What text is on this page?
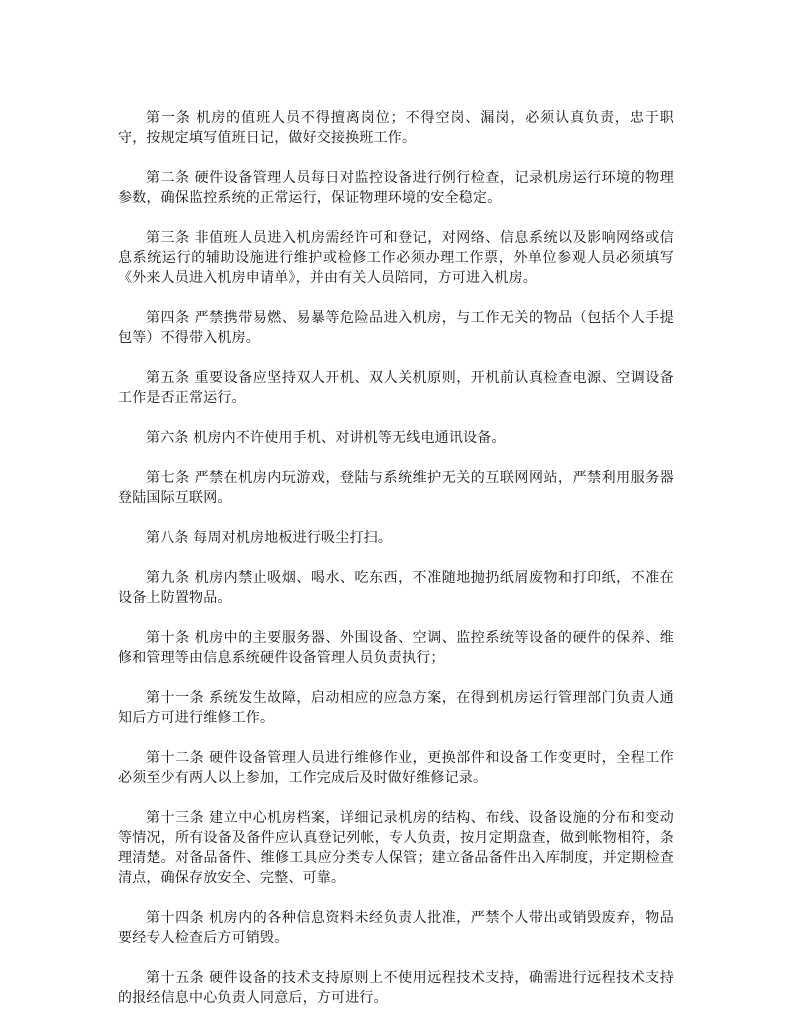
第一条 机房的值班人员不得擅离岗位；不得空岗、漏岗，必须认真负责，忠于职守，按规定填写值班日记，做好交接换班工作。

第二条 硬件设备管理人员每日对监控设备进行例行检查，记录机房运行环境的物理参数，确保监控系统的正常运行，保证物理环境的安全稳定。

第三条 非值班人员进入机房需经许可和登记，对网络、信息系统以及影响网络或信息系统运行的辅助设施进行维护或检修工作必须办理工作票，外单位参观人员必须填写《外来人员进入机房申请单》，并由有关人员陪同，方可进入机房。

第四条 严禁携带易燃、易暴等危险品进入机房，与工作无关的物品（包括个人手提包等）不得带入机房。

第五条 重要设备应坚持双人开机、双人关机原则，开机前认真检查电源、空调设备工作是否正常运行。

第六条 机房内不许使用手机、对讲机等无线电通讯设备。

第七条 严禁在机房内玩游戏，登陆与系统维护无关的互联网网站，严禁利用服务器登陆国际互联网。

第八条 每周对机房地板进行吸尘打扫。

第九条 机房内禁止吸烟、喝水、吃东西，不准随地抛扔纸屑废物和打印纸，不准在设备上防置物品。

第十条 机房中的主要服务器、外围设备、空调、监控系统等设备的硬件的保养、维修和管理等由信息系统硬件设备管理人员负责执行；

第十一条 系统发生故障，启动相应的应急方案，在得到机房运行管理部门负责人通知后方可进行维修工作。

第十二条 硬件设备管理人员进行维修作业，更换部件和设备工作变更时，全程工作必须至少有两人以上参加，工作完成后及时做好维修记录。

第十三条 建立中心机房档案，详细记录机房的结构、布线、设备设施的分布和变动等情况，所有设备及备件应认真登记列帐，专人负责，按月定期盘查，做到帐物相符，条理清楚。对备品备件、维修工具应分类专人保管；建立备品备件出入库制度，并定期检查清点，确保存放安全、完整、可靠。

第十四条 机房内的各种信息资料未经负责人批准，严禁个人带出或销毁废弃，物品要经专人检查后方可销毁。

第十五条 硬件设备的技术支持原则上不使用远程技术支持，确需进行远程技术支持的报经信息中心负责人同意后，方可进行。
